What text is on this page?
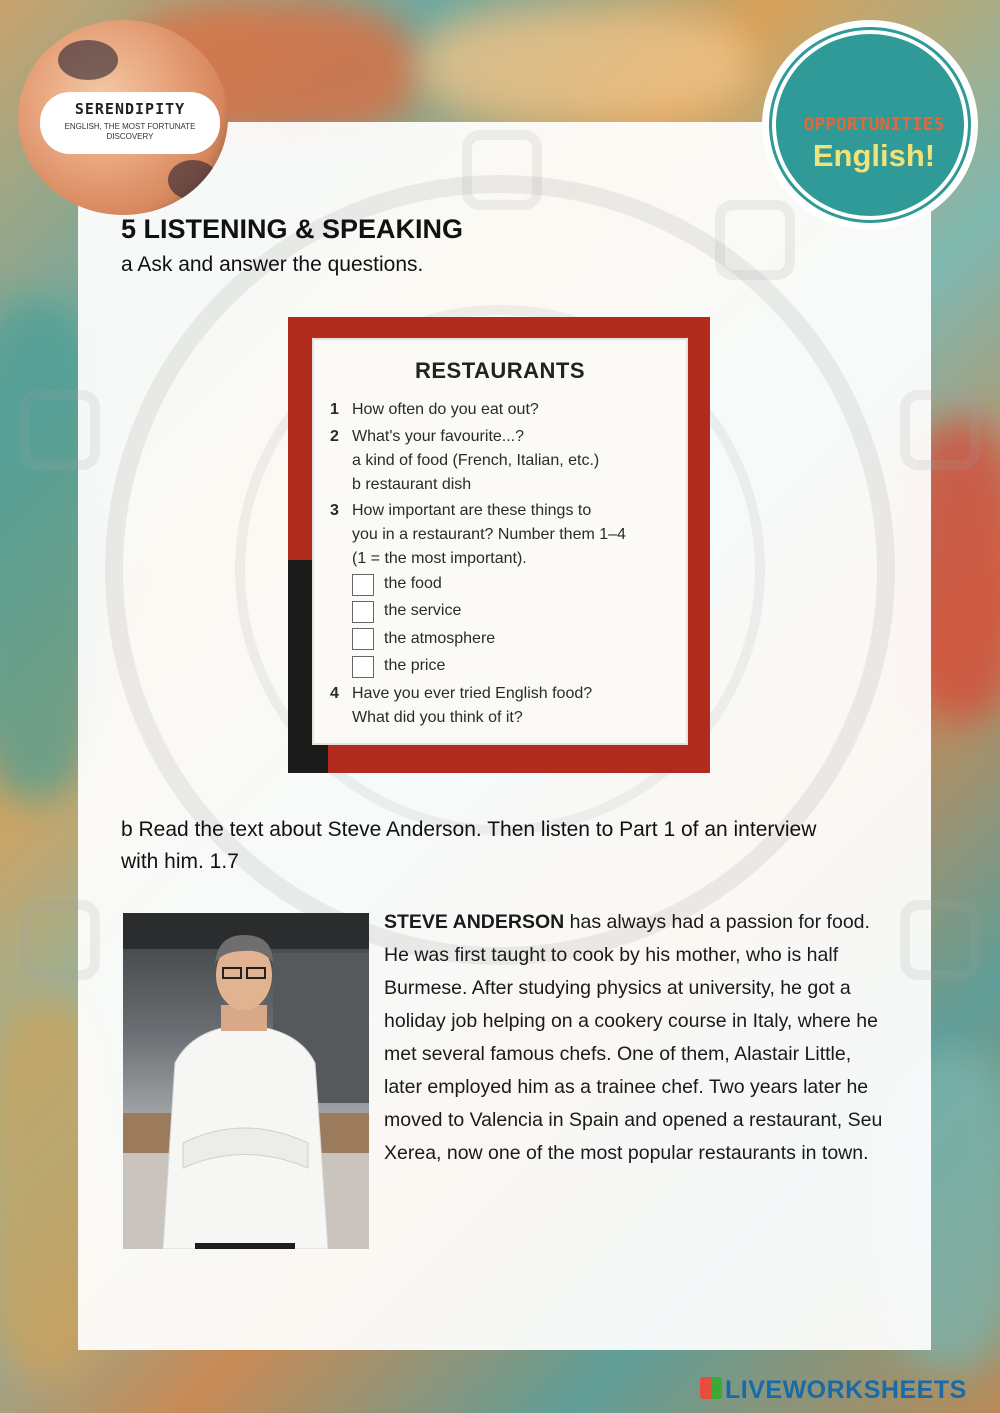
SERENDIPITY
ENGLISH, THE MOST FORTUNATE DISCOVERY
OPPORTUNITIES
English!
5 LISTENING & SPEAKING
a Ask and answer the questions.
RESTAURANTS
1 How often do you eat out?
2 What's your favourite...?
a kind of food (French, Italian, etc.)
b restaurant dish
3 How important are these things to
you in a restaurant? Number them 1–4
(1 = the most important).
the food
the service
the atmosphere
the price
4 Have you ever tried English food?
What did you think of it?
b Read the text about Steve Anderson. Then listen to Part 1 of an interview with him. 1.7
STEVE ANDERSON has always had a passion for food. He was first taught to cook by his mother, who is half Burmese. After studying physics at university, he got a holiday job helping on a cookery course in Italy, where he met several famous chefs. One of them, Alastair Little, later employed him as a trainee chef. Two years later he moved to Valencia in Spain and opened a restaurant, Seu Xerea, now one of the most popular restaurants in town.
LIVEWORKSHEETS
